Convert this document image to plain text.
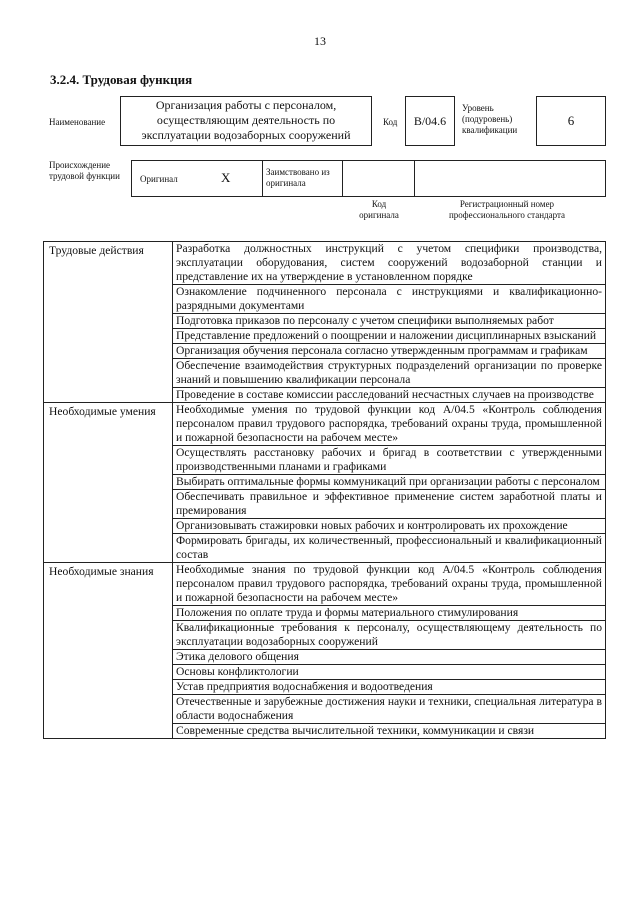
13
3.2.4. Трудовая функция
Наименование
Организация работы с персоналом, осуществляющим деятельность по эксплуатации водозаборных сооружений
Код В/04.6
Уровень (подуровень) квалификации
6
Происхождение трудовой функции	Оригинал	X	Заимствовано из оригинала
Код оригинала
Регистрационный номер профессионального стандарта
Трудовые действия	Разработка должностных инструкций с учетом специфики производства, эксплуатации оборудования, систем сооружений водозаборной станции и представление их на утверждение в установленном порядке

	Ознакомление подчиненного персонала с инструкциями и квалификационно-разрядными документами

	Подготовка приказов по персоналу с учетом специфики выполняемых работ

	Представление предложений о поощрении и наложении дисциплинарных взысканий

	Организация обучения персонала согласно утвержденным программам и графикам

	Обеспечение взаимодействия структурных подразделений организации по проверке знаний и повышению квалификации персонала

	Проведение в составе комиссии расследований несчастных случаев на производстве

Необходимые умения	Необходимые умения по трудовой функции код А/04.5 «Контроль соблюдения персоналом правил трудового распорядка, требований охраны труда, промышленной и пожарной безопасности на рабочем месте»

	Осуществлять расстановку рабочих и бригад в соответствии с утвержденными производственными планами и графиками

	Выбирать оптимальные формы коммуникаций при организации работы с персоналом

	Обеспечивать правильное и эффективное применение систем заработной платы и премирования

	Организовывать стажировки новых рабочих и контролировать их прохождение

	Формировать бригады, их количественный, профессиональный и квалификационный состав

Необходимые знания	Необходимые знания по трудовой функции код А/04.5 «Контроль соблюдения персоналом правил трудового распорядка, требований охраны труда, промышленной и пожарной безопасности на рабочем месте»

	Положения по оплате труда и формы материального стимулирования

	Квалификационные требования к персоналу, осуществляющему деятельность по эксплуатации водозаборных сооружений

	Этика делового общения

	Основы конфликтологии

	Устав предприятия водоснабжения и водоотведения

	Отечественные и зарубежные достижения науки и техники, специальная литература в области водоснабжения

	Современные средства вычислительной техники, коммуникации и связи
